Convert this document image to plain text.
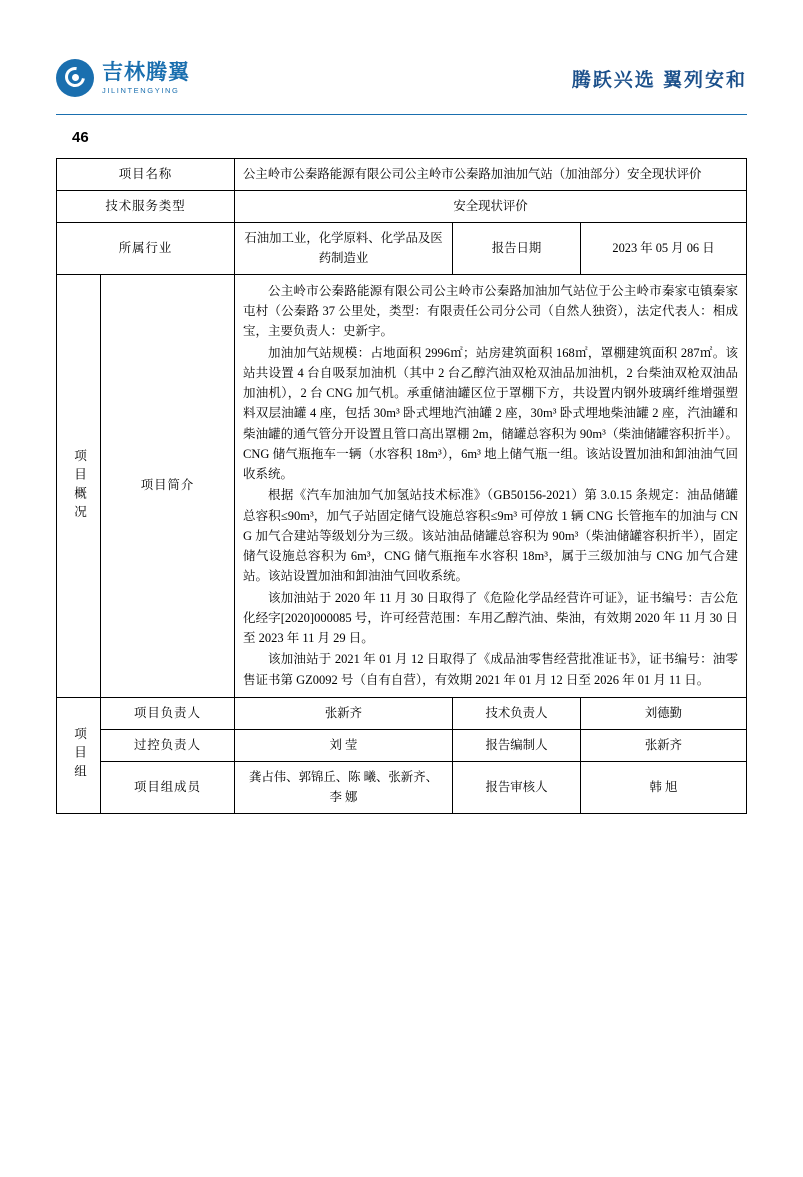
吉林腾翼
JILINTENGYING	腾跃兴选 翼列安和
46
项目名称		公主岭市公秦路能源有限公司公主岭市公秦路加油加气站（加油部分）安全现状评价		
技术服务类型		安全现状评价		
所属行业		石油加工业，化学原料、化学品及医药制造业	报告日期	2023 年 05 月 06 日

项目概况	项目简介	公主岭市公秦路能源有限公司公主岭市公秦路加油加气站位于公主岭市秦家屯镇秦家屯村（公秦路 37 公里处，类型：有限责任公司分公司（自然人独资），法定代表人：相成宝，主要负责人：史新宇。

加油加气站规模：占地面积 2996㎡；站房建筑面积 168㎡，罩棚建筑面积 287㎡。该站共设置 4 台自吸泵加油机（其中 2 台乙醇汽油双枪双油品加油机，2 台柴油双枪双油品加油机），2 台 CNG 加气机。承重储油罐区位于罩棚下方，共设置内钢外玻璃纤维增强塑料双层油罐 4 座，包括 30m³ 卧式埋地汽油罐 2 座，30m³ 卧式埋地柴油罐 2 座，汽油罐和柴油罐的通气管分开设置且管口高出罩棚 2m，储罐总容积为 90m³（柴油储罐容积折半）。CNG 储气瓶拖车一辆（水容积 18m³），6m³ 地上储气瓶一组。该站设置加油和卸油油气回收系统。

根据《汽车加油加气加氢站技术标准》（GB50156-2021）第 3.0.15 条规定：油品储罐总容积≤90m³，加气子站固定储气设施总容积≤9m³ 可停放 1 辆 CNG 长管拖车的加油与 CNG 加气合建站等级划分为三级。该站油品储罐总容积为 90m³（柴油储罐容积折半），固定储气设施总容积为 6m³，CNG 储气瓶拖车水容积 18m³，属于三级加油与 CNG 加气合建站。该站设置加油和卸油油气回收系统。

该加油站于 2020 年 11 月 30 日取得了《危险化学品经营许可证》，证书编号：吉公危化经字[2020]000085 号，许可经营范围：车用乙醇汽油、柴油，有效期 2020 年 11 月 30 日至 2023 年 11 月 29 日。

该加油站于 2021 年 01 月 12 日取得了《成品油零售经营批准证书》，证书编号：油零售证书第 GZ0092 号（自有自营），有效期 2021 年 01 月 12 日至 2026 年 01 月 11 日。		

项目组	项目负责人	张新齐	技术负责人	刘德勤
	过控负责人	刘 莹	报告编制人	张新齐
	项目组成员	龚占伟、郭锦丘、陈 曦、张新齐、李 娜	报告审核人	韩 旭
